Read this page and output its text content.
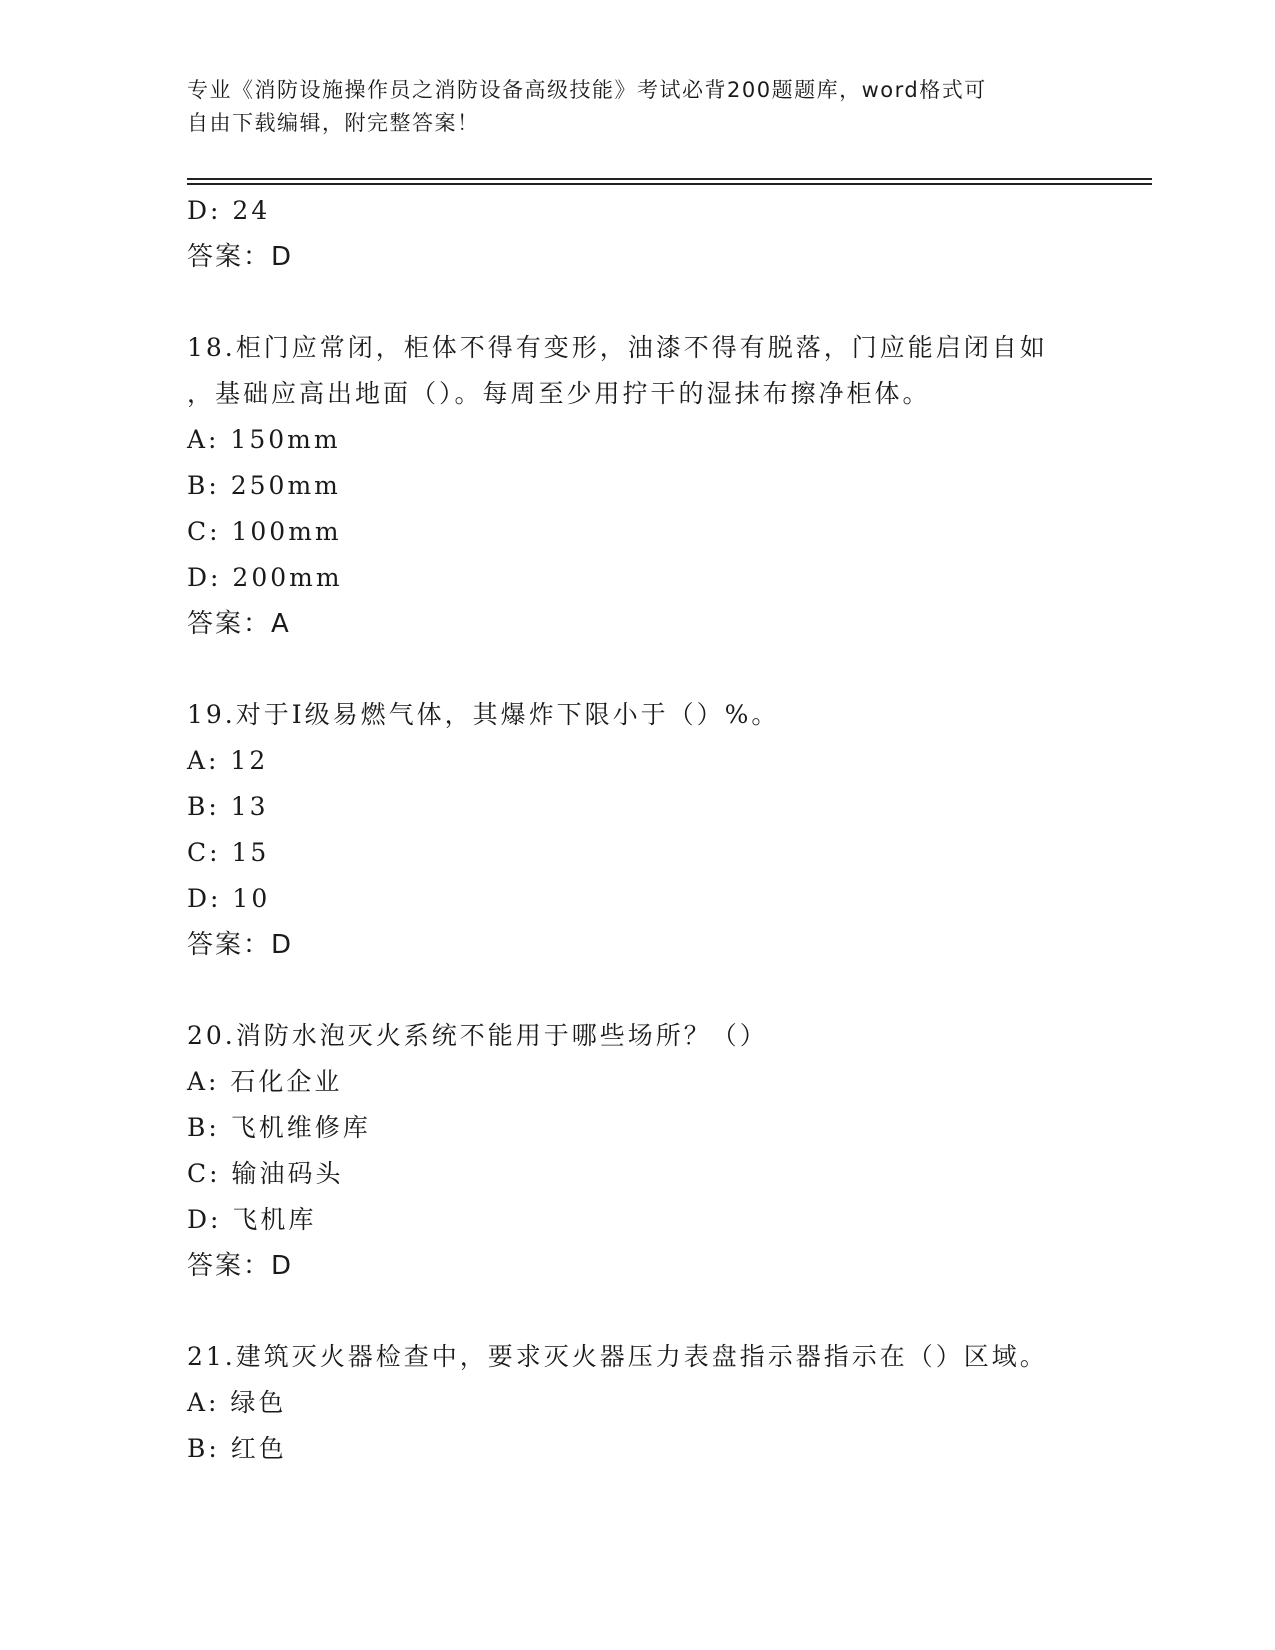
专业《消防设施操作员之消防设备高级技能》考试必背200题题库，word格式可
自由下载编辑，附完整答案！
D: 24
答案：D
18.柜门应常闭，柜体不得有变形，油漆不得有脱落，门应能启闭自如
，基础应高出地面（）。每周至少用拧干的湿抹布擦净柜体。
A: 150mm
B: 250mm
C: 100mm
D: 200mm
答案：A
19.对于Ⅰ级易燃气体，其爆炸下限小于（）%。
A: 12
B: 13
C: 15
D: 10
答案：D
20.消防水泡灭火系统不能用于哪些场所？（）
A: 石化企业
B: 飞机维修库
C: 输油码头
D: 飞机库
答案：D
21.建筑灭火器检查中，要求灭火器压力表盘指示器指示在（）区域。
A: 绿色
B: 红色
